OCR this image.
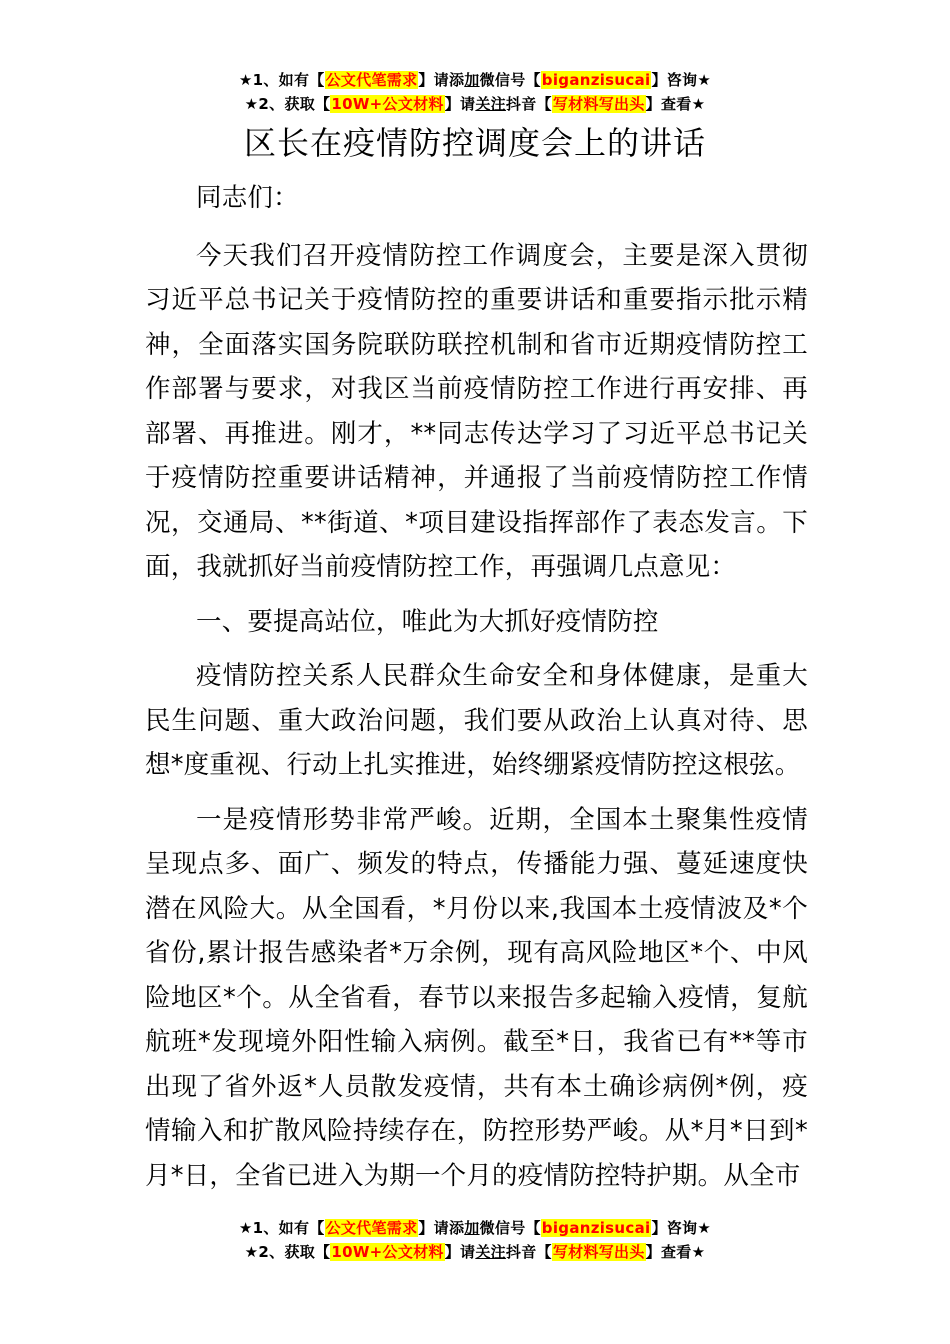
★1、如有【公文代笔需求】请添加微信号【biganzisucai】咨询★
★2、获取【10W+公文材料】请关注抖音【写材料写出头】查看★
区长在疫情防控调度会上的讲话

同志们：

今天我们召开疫情防控工作调度会，主要是深入贯彻习近平总书记关于疫情防控的重要讲话和重要指示批示精神，全面落实国务院联防联控机制和省市近期疫情防控工作部署与要求，对我区当前疫情防控工作进行再安排、再部署、再推进。刚才，**同志传达学习了习近平总书记关于疫情防控重要讲话精神，并通报了当前疫情防控工作情况，交通局、**街道、*项目建设指挥部作了表态发言。下面，我就抓好当前疫情防控工作，再强调几点意见：

一、要提高站位，唯此为大抓好疫情防控

疫情防控关系人民群众生命安全和身体健康，是重大民生问题、重大政治问题，我们要从政治上认真对待、思想*度重视、行动上扎实推进，始终绷紧疫情防控这根弦。

一是疫情形势非常严峻。近期，全国本土聚集性疫情呈现点多、面广、频发的特点，传播能力强、蔓延速度快潜在风险大。从全国看，*月份以来,我国本土疫情波及*个省份,累计报告感染者*万余例，现有高风险地区*个、中风险地区*个。从全省看，春节以来报告多起输入疫情，复航航班*发现境外阳性输入病例。截至*日，我省已有**等市出现了省外返*人员散发疫情，共有本土确诊病例*例，疫情输入和扩散风险持续存在，防控形势严峻。从*月*日到*月*日，全省已进入为期一个月的疫情防控特护期。从全市

★1、如有【公文代笔需求】请添加微信号【biganzisucai】咨询★
★2、获取【10W+公文材料】请关注抖音【写材料写出头】查看★
